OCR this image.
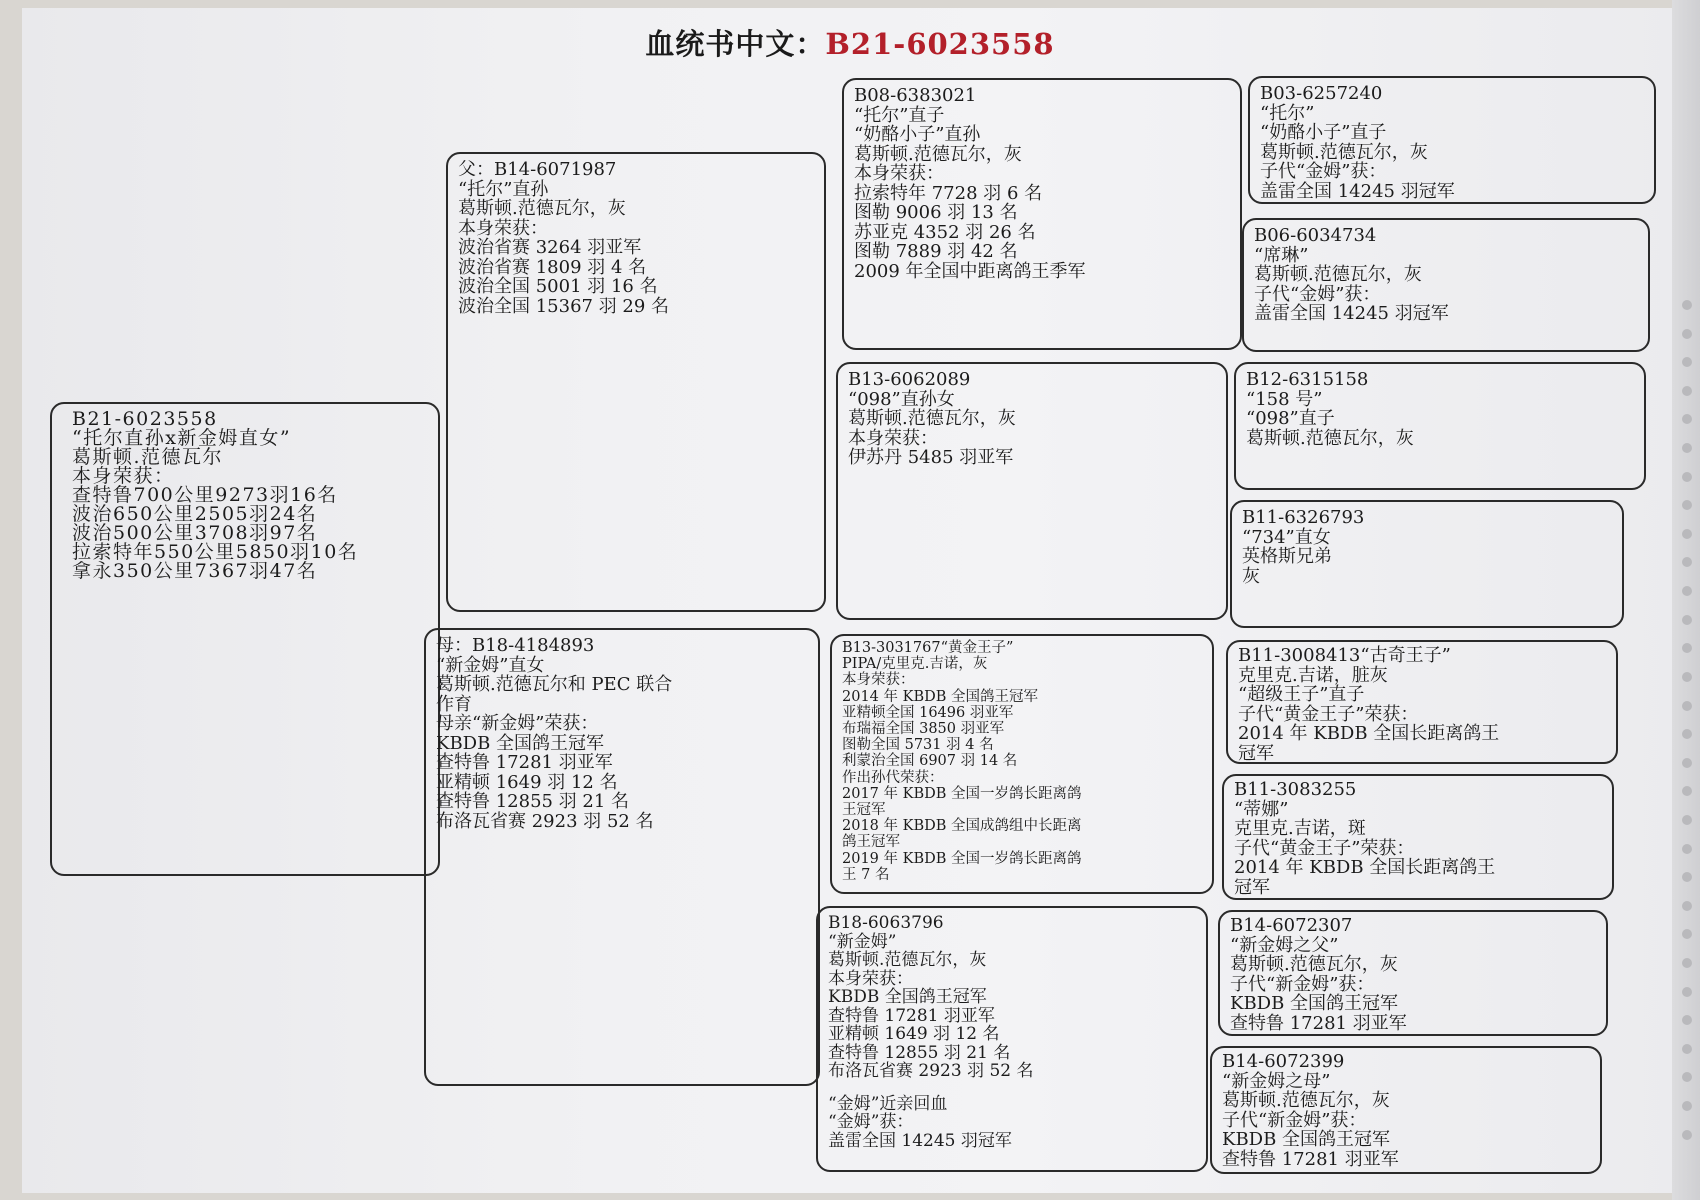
血统书中文：B21-6023558
B21-6023558
“托尔直孙x新金姆直女”
葛斯顿.范德瓦尔
本身荣获：
查特鲁700公里9273羽16名
波治650公里2505羽24名
波治500公里3708羽97名
拉索特年550公里5850羽10名
拿永350公里7367羽47名
父：B14-6071987
“托尔”直孙
葛斯顿.范德瓦尔，灰
本身荣获：
波治省赛 3264 羽亚军
波治省赛 1809 羽 4 名
波治全国 5001 羽 16 名
波治全国 15367 羽 29 名
母：B18-4184893
“新金姆”直女
葛斯顿.范德瓦尔和 PEC 联合
作育
母亲“新金姆”荣获：
KBDB 全国鸽王冠军
查特鲁 17281 羽亚军
亚精顿 1649 羽 12 名
查特鲁 12855 羽 21 名
布洛瓦省赛 2923 羽 52 名
B08-6383021
“托尔”直子
“奶酪小子”直孙
葛斯顿.范德瓦尔，灰
本身荣获：
拉索特年 7728 羽 6 名
图勒 9006 羽 13 名
苏亚克 4352 羽 26 名
图勒 7889 羽 42 名
2009 年全国中距离鸽王季军
B13-6062089
“098”直孙女
葛斯顿.范德瓦尔，灰
本身荣获：
伊苏丹 5485 羽亚军
B13-3031767“黄金王子”
PIPA/克里克.吉诺，灰
本身荣获：
2014 年 KBDB 全国鸽王冠军
亚精顿全国 16496 羽亚军
布瑞福全国 3850 羽亚军
图勒全国 5731 羽 4 名
利蒙治全国 6907 羽 14 名
作出孙代荣获：
2017 年 KBDB 全国一岁鸽长距离鸽
王冠军
2018 年 KBDB 全国成鸽组中长距离
鸽王冠军
2019 年 KBDB 全国一岁鸽长距离鸽
王 7 名
B18-6063796
“新金姆”
葛斯顿.范德瓦尔，灰
本身荣获：
KBDB 全国鸽王冠军
查特鲁 17281 羽亚军
亚精顿 1649 羽 12 名
查特鲁 12855 羽 21 名
布洛瓦省赛 2923 羽 52 名
“金姆”近亲回血
“金姆”获：
盖雷全国 14245 羽冠军
B03-6257240
“托尔”
“奶酪小子”直子
葛斯顿.范德瓦尔，灰
子代“金姆”获：
盖雷全国 14245 羽冠军
B06-6034734
“席琳”
葛斯顿.范德瓦尔，灰
子代“金姆”获：
盖雷全国 14245 羽冠军
B12-6315158
“158 号”
“098”直子
葛斯顿.范德瓦尔，灰
B11-6326793
“734”直女
英格斯兄弟
灰
B11-3008413“古奇王子”
克里克.吉诺，脏灰
“超级王子”直子
子代“黄金王子”荣获：
2014 年 KBDB 全国长距离鸽王
冠军
B11-3083255
“蒂娜”
克里克.吉诺，斑
子代“黄金王子”荣获：
2014 年 KBDB 全国长距离鸽王
冠军
B14-6072307
“新金姆之父”
葛斯顿.范德瓦尔，灰
子代“新金姆”获：
KBDB 全国鸽王冠军
查特鲁 17281 羽亚军
B14-6072399
“新金姆之母”
葛斯顿.范德瓦尔，灰
子代“新金姆”获：
KBDB 全国鸽王冠军
查特鲁 17281 羽亚军
